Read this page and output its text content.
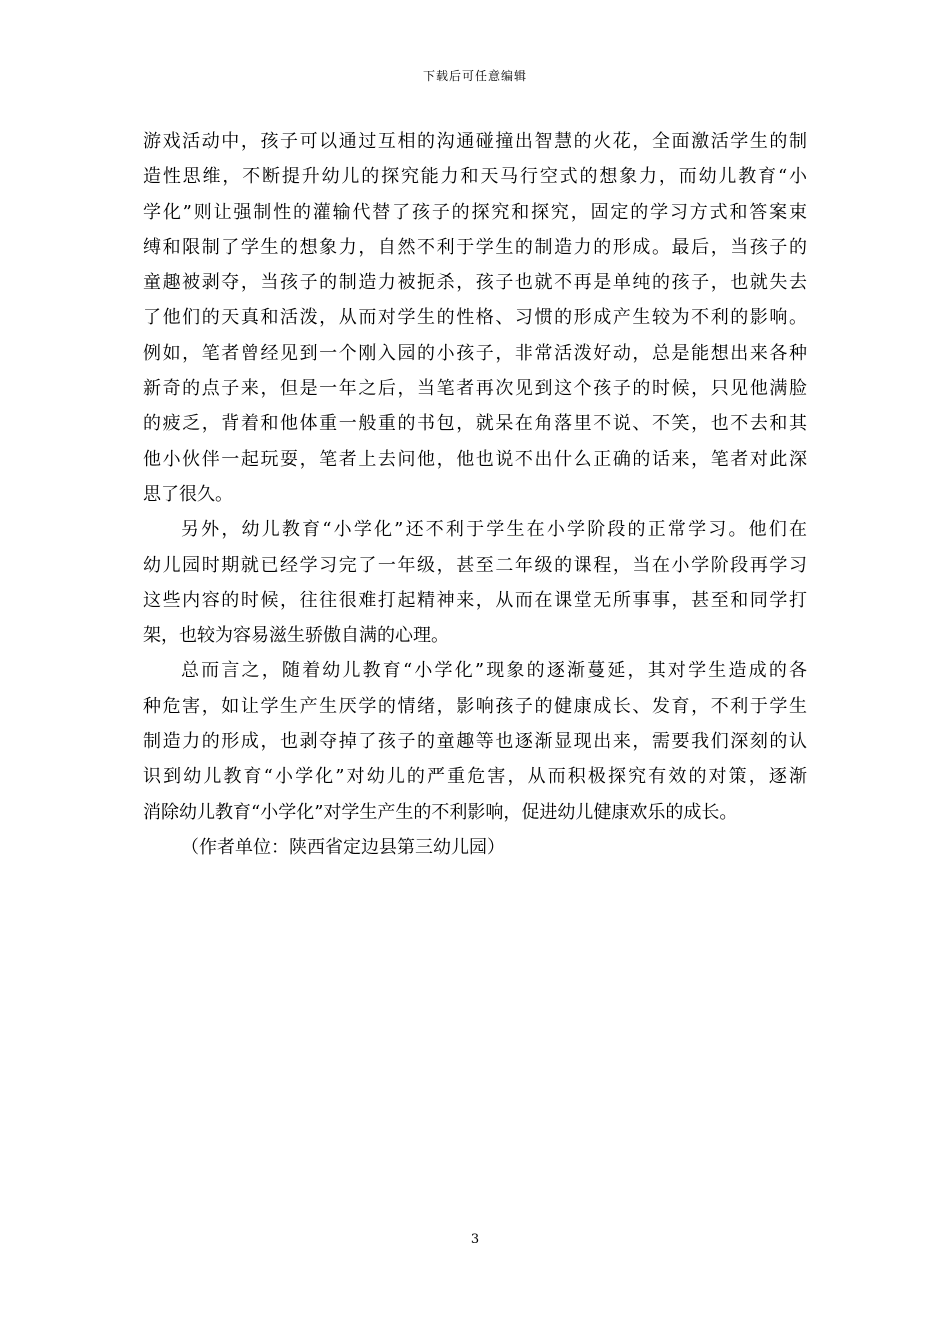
下载后可任意编辑
游戏活动中，孩子可以通过互相的沟通碰撞出智慧的火花，全面激活学生的制
造性思维，不断提升幼儿的探究能力和天马行空式的想象力，而幼儿教育“小
学化”则让强制性的灌输代替了孩子的探究和探究，固定的学习方式和答案束
缚和限制了学生的想象力，自然不利于学生的制造力的形成。最后，当孩子的
童趣被剥夺，当孩子的制造力被扼杀，孩子也就不再是单纯的孩子，也就失去
了他们的天真和活泼，从而对学生的性格、习惯的形成产生较为不利的影响。
例如，笔者曾经见到一个刚入园的小孩子，非常活泼好动，总是能想出来各种
新奇的点子来，但是一年之后，当笔者再次见到这个孩子的时候，只见他满脸
的疲乏，背着和他体重一般重的书包，就呆在角落里不说、不笑，也不去和其
他小伙伴一起玩耍，笔者上去问他，他也说不出什么正确的话来，笔者对此深
思了很久。
另外，幼儿教育“小学化”还不利于学生在小学阶段的正常学习。他们在
幼儿园时期就已经学习完了一年级，甚至二年级的课程，当在小学阶段再学习
这些内容的时候，往往很难打起精神来，从而在课堂无所事事，甚至和同学打
架，也较为容易滋生骄傲自满的心理。
总而言之，随着幼儿教育“小学化”现象的逐渐蔓延，其对学生造成的各
种危害，如让学生产生厌学的情绪，影响孩子的健康成长、发育，不利于学生
制造力的形成，也剥夺掉了孩子的童趣等也逐渐显现出来，需要我们深刻的认
识到幼儿教育“小学化”对幼儿的严重危害，从而积极探究有效的对策，逐渐
消除幼儿教育“小学化”对学生产生的不利影响，促进幼儿健康欢乐的成长。
（作者单位：陕西省定边县第三幼儿园）
3
